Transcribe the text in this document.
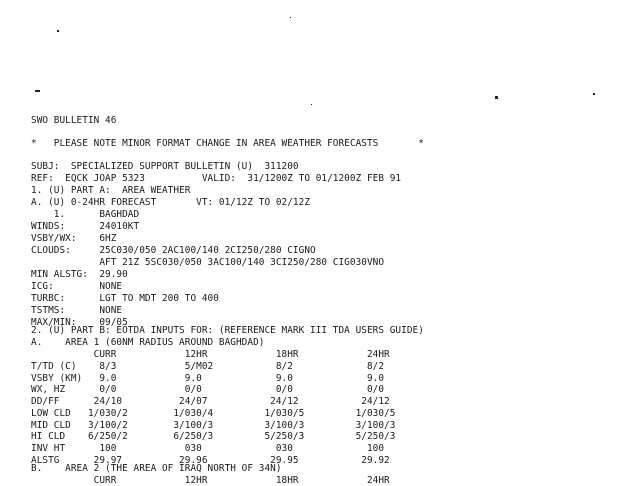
SWO BULLETIN 46
*   PLEASE NOTE MINOR FORMAT CHANGE IN AREA WEATHER FORECASTS       *
SUBJ:  SPECIALIZED SUPPORT BULLETIN (U)  311200
REF:  EQCK JOAP 5323          VALID:  31/1200Z TO 01/1200Z FEB 91
1. (U) PART A:  AREA WEATHER
A. (U) 0-24HR FORECAST       VT: 01/12Z TO 02/12Z
1.      BAGHDAD
WINDS:      24010KT
VSBY/WX:    6HZ
CLOUDS:     25C030/050 2AC100/140 2CI250/280 CIGNO
AFT 21Z 5SC030/050 3AC100/140 3CI250/280 CIG030VNO
MIN ALSTG:  29.90
ICG:        NONE
TURBC:      LGT TO MDT 200 TO 400
TSTMS:      NONE
MAX/MIN:    09/05
2. (U) PART B: EOTDA INPUTS FOR: (REFERENCE MARK III TDA USERS GUIDE)
A.    AREA 1 (60NM RADIUS AROUND BAGHDAD)
CURR            12HR            18HR            24HR
T/TD (C)    8/3            5/M02           8/2             8/2
VSBY (KM)   9.0            9.0             9.0             9.0
WX, HZ      0/0            0/0             0/0             0/0
DD/FF      24/10          24/07           24/12           24/12
LOW CLD   1/030/2        1/030/4         1/030/5         1/030/5
MID CLD   3/100/2        3/100/3         3/100/3         3/100/3
HI CLD    6/250/2        6/250/3         5/250/3         5/250/3
INV HT      100            030             030             100
ALSTG      29.97          29.96           29.95           29.92
B.    AREA 2 (THE AREA OF IRAQ NORTH OF 34N)
CURR            12HR            18HR            24HR
